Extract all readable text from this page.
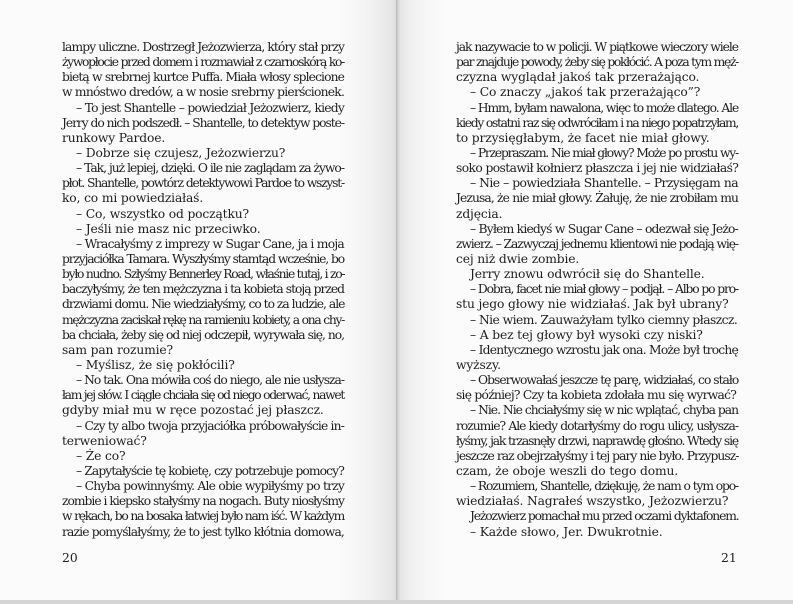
lampy uliczne. Dostrzegł Jeżozwierza, który stał przy
żywopłocie przed domem i rozmawiał z czarnoskórą ko-
bietą w srebrnej kurtce Puffa. Miała włosy splecione
w mnóstwo dredów, a w nosie srebrny pierścionek.
– To jest Shantelle – powiedział Jeżozwierz, kiedy
Jerry do nich podszedł. – Shantelle, to detektyw poste-
runkowy Pardoe.
– Dobrze się czujesz, Jeżozwierzu?
– Tak, już lepiej, dzięki. O ile nie zaglądam za żywo-
płot. Shantelle, powtórz detektywowi Pardoe to wszyst-
ko, co mi powiedziałaś.
– Co, wszystko od początku?
– Jeśli nie masz nic przeciwko.
– Wracałyśmy z imprezy w Sugar Cane, ja i moja
przyjaciółka Tamara. Wyszłyśmy stamtąd wcześnie, bo
było nudno. Szłyśmy Bennerley Road, właśnie tutaj, i zo-
baczyłyśmy, że ten mężczyzna i ta kobieta stoją przed
drzwiami domu. Nie wiedziałyśmy, co to za ludzie, ale
mężczyzna zaciskał rękę na ramieniu kobiety, a ona chy-
ba chciała, żeby się od niej odczepił, wyrywała się, no,
sam pan rozumie?
– Myślisz, że się pokłócili?
– No tak. Ona mówiła coś do niego, ale nie usłysza-
łam jej słów. I ciągle chciała się od niego oderwać, nawet
gdyby miał mu w ręce pozostać jej płaszcz.
– Czy ty albo twoja przyjaciółka próbowałyście in-
terweniować?
– Że co?
– Zapytałyście tę kobietę, czy potrzebuje pomocy?
– Chyba powinnyśmy. Ale obie wypiłyśmy po trzy
zombie i kiepsko stałyśmy na nogach. Buty niosłyśmy
w rękach, bo na bosaka łatwiej było nam iść. W każdym
razie pomyślałyśmy, że to jest tylko kłótnia domowa,
20
jak nazywacie to w policji. W piątkowe wieczory wiele
par znajduje powody, żeby się pokłócić. A poza tym męż-
czyzna wyglądał jakoś tak przerażająco.
– Co znaczy „jakoś tak przerażająco”?
– Hmm, byłam nawalona, więc to może dlatego. Ale
kiedy ostatni raz się odwróciłam i na niego popatrzyłam,
to przysięgłabym, że facet nie miał głowy.
– Przepraszam. Nie miał głowy? Może po prostu wy-
soko postawił kołnierz płaszcza i jej nie widziałaś?
– Nie – powiedziała Shantelle. – Przysięgam na
Jezusa, że nie miał głowy. Żałuję, że nie zrobiłam mu
zdjęcia.
– Byłem kiedyś w Sugar Cane – odezwał się Jeżo-
zwierz. – Zazwyczaj jednemu klientowi nie podają wię-
cej niż dwie zombie.
Jerry znowu odwrócił się do Shantelle.
– Dobra, facet nie miał głowy – podjął. – Albo po pro-
stu jego głowy nie widziałaś. Jak był ubrany?
– Nie wiem. Zauważyłam tylko ciemny płaszcz.
– A bez tej głowy był wysoki czy niski?
– Identycznego wzrostu jak ona. Może był trochę
wyższy.
– Obserwowałaś jeszcze tę parę, widziałaś, co stało
się później? Czy ta kobieta zdołała mu się wyrwać?
– Nie. Nie chciałyśmy się w nic wplątać, chyba pan
rozumie? Ale kiedy dotarłyśmy do rogu ulicy, usłysza-
łyśmy, jak trzasnęły drzwi, naprawdę głośno. Wtedy się
jeszcze raz obejrzałyśmy i tej pary nie było. Przypusz-
czam, że oboje weszli do tego domu.
– Rozumiem, Shantelle, dziękuję, że nam o tym opo-
wiedziałaś. Nagrałeś wszystko, Jeżozwierzu?
Jeżozwierz pomachał mu przed oczami dyktafonem.
– Każde słowo, Jer. Dwukrotnie.
21
